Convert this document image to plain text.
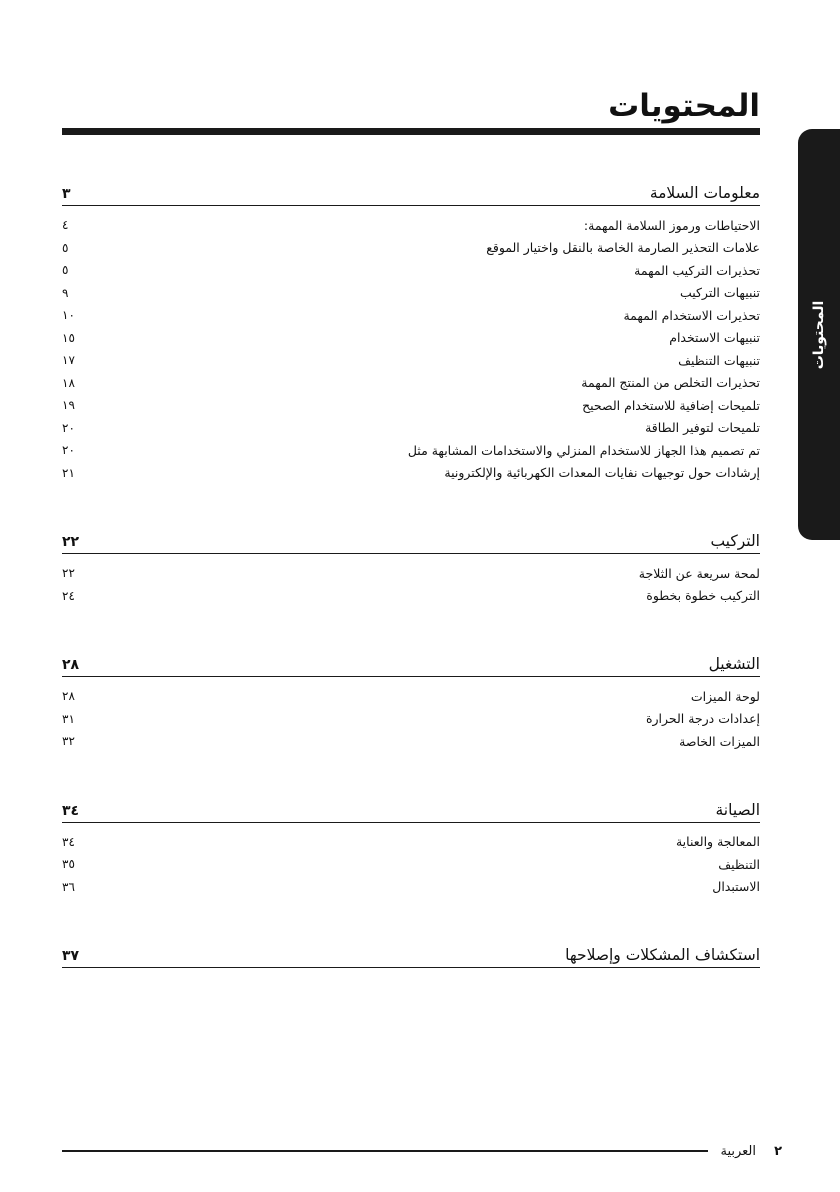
المحتويات
المحتويات
٣	معلومات السلامة
٤	الاحتياطات ورموز السلامة المهمة:
٥	علامات التحذير الصارمة الخاصة بالنقل واختيار الموقع
٥	تحذيرات التركيب المهمة
٩	تنبيهات التركيب
١٠	تحذيرات الاستخدام المهمة
١٥	تنبيهات الاستخدام
١٧	تنبيهات التنظيف
١٨	تحذيرات التخلص من المنتج المهمة
١٩	تلميحات إضافية للاستخدام الصحيح
٢٠	تلميحات لتوفير الطاقة
٢٠	تم تصميم هذا الجهاز للاستخدام المنزلي والاستخدامات المشابهة مثل
٢١	إرشادات حول توجيهات نفايات المعدات الكهربائية والإلكترونية
٢٢	التركيب
٢٢	لمحة سريعة عن الثلاجة
٢٤	التركيب خطوة بخطوة
٢٨	التشغيل
٢٨	لوحة الميزات
٣١	إعدادات درجة الحرارة
٣٢	الميزات الخاصة
٣٤	الصيانة
٣٤	المعالجة والعناية
٣٥	التنظيف
٣٦	الاستبدال
٣٧	استكشاف المشكلات وإصلاحها
العربية ٢
